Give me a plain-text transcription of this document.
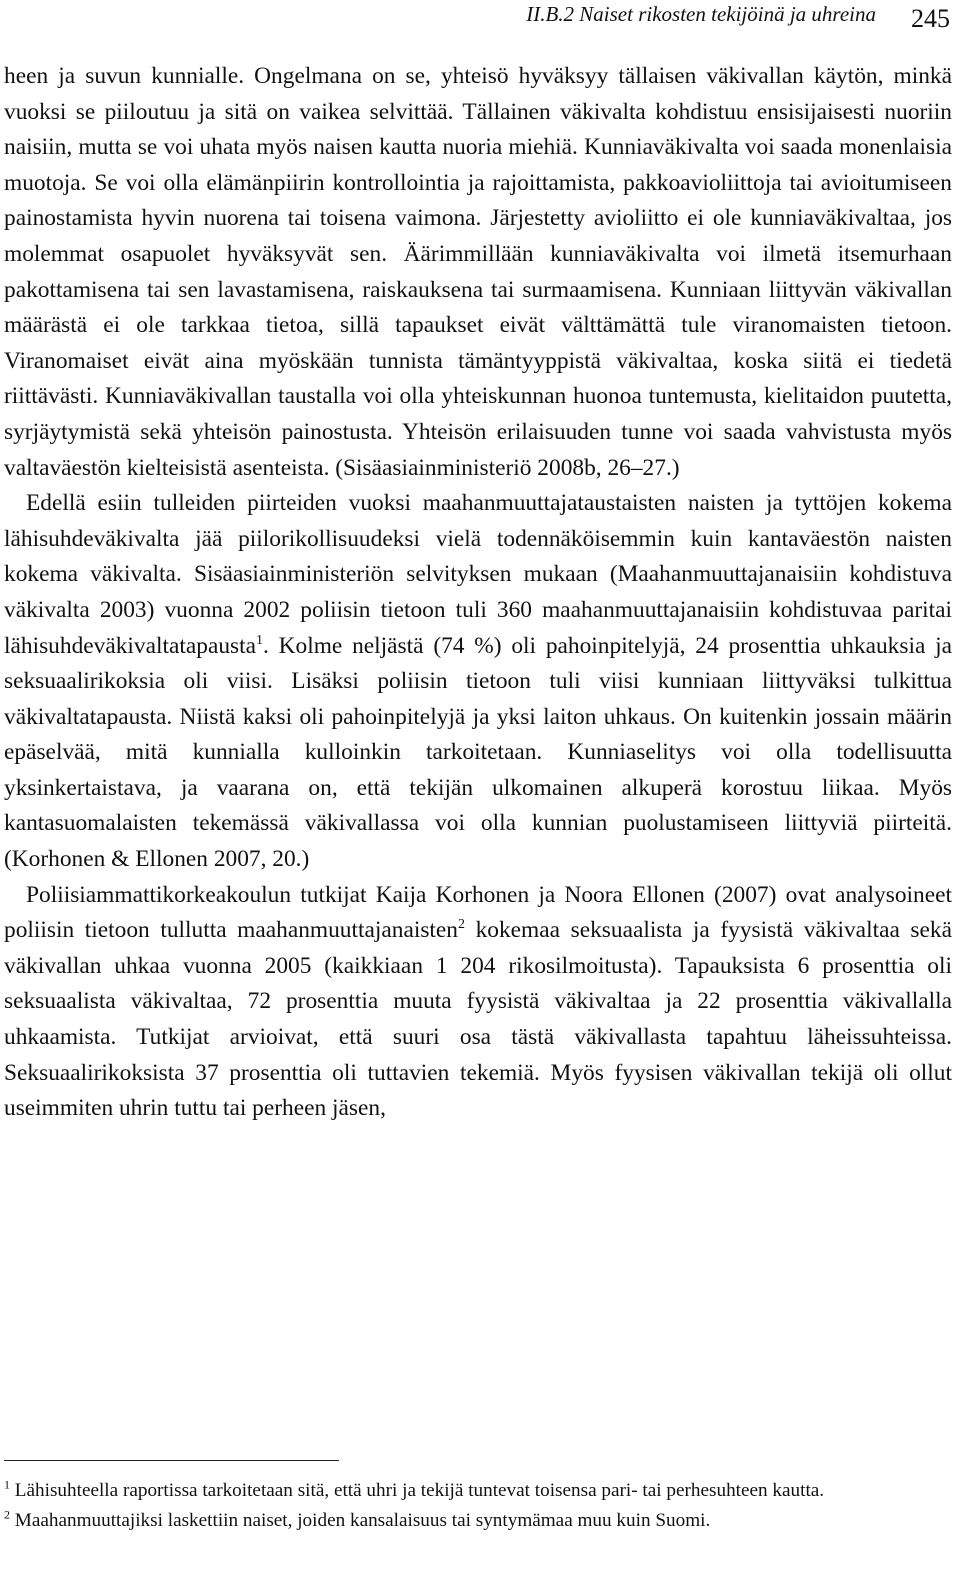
II.B.2 Naiset rikosten tekijöinä ja uhreina 245

heen ja suvun kunnialle. Ongelmana on se, yhteisö hyväksyy tällaisen väkivallan käytön, minkä vuoksi se piiloutuu ja sitä on vaikea selvittää. Tällainen väkivalta kohdistuu ensisijaisesti nuoriin naisiin, mutta se voi uhata myös naisen kautta nuoria miehiä. Kunniaväkivalta voi saada monenlaisia muotoja. Se voi olla elämänpiirin kontrollointia ja rajoittamista, pakkoavioliittoja tai avioitumiseen painostamista hyvin nuorena tai toisena vaimona. Järjestetty avioliitto ei ole kunniaväkivaltaa, jos molemmat osapuolet hyväksyvät sen. Äärimmillään kunniaväkivalta voi ilmetä itsemurhaan pakottamisena tai sen lavastamisena, raiskauksena tai surmaamisena. Kunniaan liittyvän väkivallan määrästä ei ole tarkkaa tietoa, sillä tapaukset eivät välttämättä tule viranomaisten tietoon. Viranomaiset eivät aina myöskään tunnista tämäntyyppistä väkivaltaa, koska siitä ei tiedetä riittävästi. Kunniaväkivallan taustalla voi olla yhteiskunnan huonoa tuntemusta, kielitaidon puutetta, syrjäytymistä sekä yhteisön painostusta. Yhteisön erilaisuuden tunne voi saada vahvistusta myös valtaväestön kielteisistä asenteista. (Sisäasiainministeriö 2008b, 26–27.)

Edellä esiin tulleiden piirteiden vuoksi maahanmuuttajataustaisten naisten ja tyttöjen kokema lähisuhdeväkivalta jää piilorikollisuudeksi vielä todennäköisemmin kuin kantaväestön naisten kokema väkivalta. Sisäasiainministeriön selvityksen mukaan (Maahanmuuttajanaisiin kohdistuva väkivalta 2003) vuonna 2002 poliisin tietoon tuli 360 maahanmuuttajanaisiin kohdistuvaa paritai lähisuhdeväkivaltatapausta$^1$. Kolme neljästä (74 %) oli pahoinpitelyjä, 24 prosenttia uhkauksia ja seksuaalirikoksia oli viisi. Lisäksi poliisin tietoon tuli viisi kunniaan liittyväksi tulkittua väkivaltatapausta. Niistä kaksi oli pahoinpitelyjä ja yksi laiton uhkaus. On kuitenkin jossain määrin epäselvää, mitä kunnialla kulloinkin tarkoitetaan. Kunniaselitys voi olla todellisuutta yksinkertaistava, ja vaarana on, että tekijän ulkomainen alkuperä korostuu liikaa. Myös kantasuomalaisten tekemässä väkivallassa voi olla kunnian puolustamiseen liittyviä piirteitä. (Korhonen & Ellonen 2007, 20.)

Poliisiammattikorkeakoulun tutkijat Kaija Korhonen ja Noora Ellonen (2007) ovat analysoineet poliisin tietoon tullutta maahanmuuttajanaisten$^2$ kokemaa seksuaalista ja fyysistä väkivaltaa sekä väkivallan uhkaa vuonna 2005 (kaikkiaan 1 204 rikosilmoitusta). Tapauksista 6 prosenttia oli seksuaalista väkivaltaa, 72 prosenttia muuta fyysistä väkivaltaa ja 22 prosenttia väkivallalla uhkaamista. Tutkijat arvioivat, että suuri osa tästä väkivallasta tapahtuu läheissuhteissa. Seksuaalirikoksista 37 prosenttia oli tuttavien tekemiä. Myös fyysisen väkivallan tekijä oli ollut useimmiten uhrin tuttu tai perheen jäsen,

$^1$ Lähisuhteella raportissa tarkoitetaan sitä, että uhri ja tekijä tuntevat toisensa pari- tai perhesuhteen kautta.

$^2$ Maahanmuuttajiksi laskettiin naiset, joiden kansalaisuus tai syntymämaa muu kuin Suomi.
